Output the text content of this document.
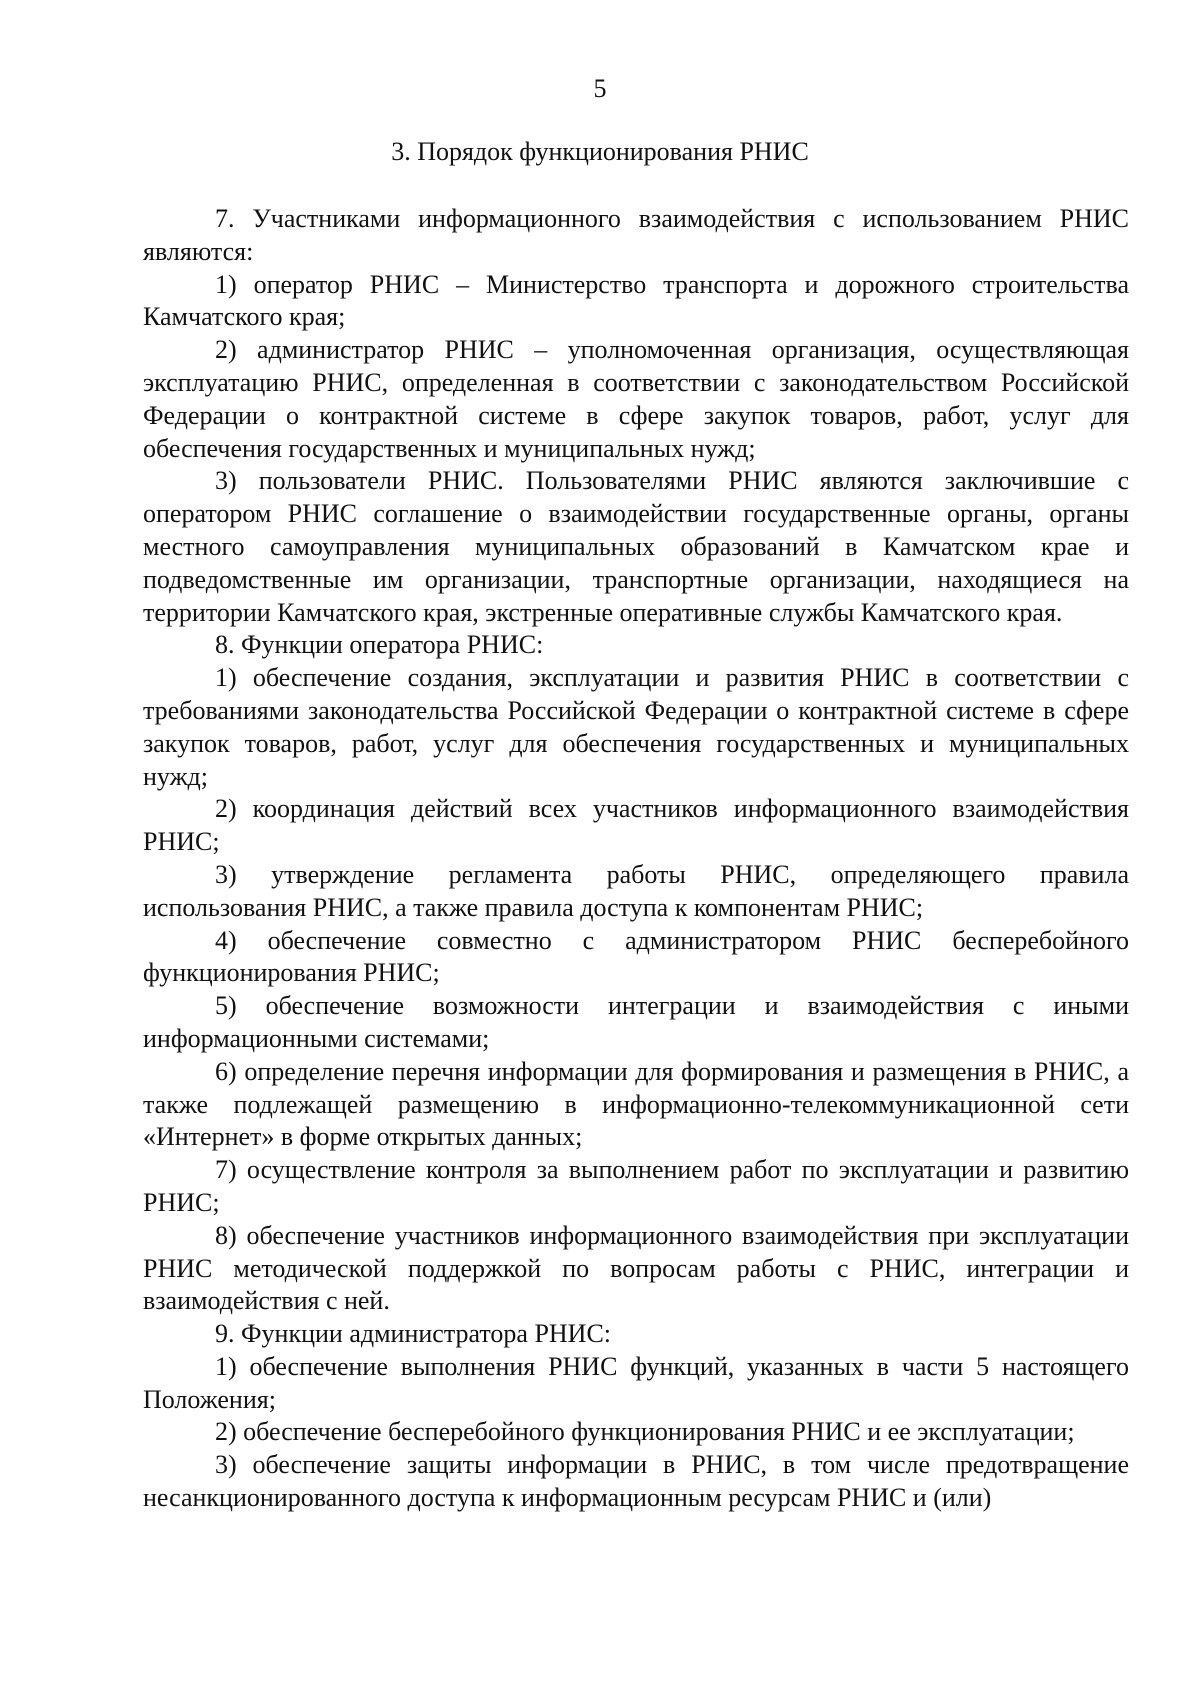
5

3. Порядок функционирования РНИС

7. Участниками информационного взаимодействия с использованием РНИС являются:

1) оператор РНИС – Министерство транспорта и дорожного строительства Камчатского края;

2) администратор РНИС – уполномоченная организация, осуществляющая эксплуатацию РНИС, определенная в соответствии с законодательством Российской Федерации о контрактной системе в сфере закупок товаров, работ, услуг для обеспечения государственных и муниципальных нужд;

3) пользователи РНИС. Пользователями РНИС являются заключившие с оператором РНИС соглашение о взаимодействии государственные органы, органы местного самоуправления муниципальных образований в Камчатском крае и подведомственные им организации, транспортные организации, находящиеся на территории Камчатского края, экстренные оперативные службы Камчатского края.

8. Функции оператора РНИС:

1) обеспечение создания, эксплуатации и развития РНИС в соответствии с требованиями законодательства Российской Федерации о контрактной системе в сфере закупок товаров, работ, услуг для обеспечения государственных и муниципальных нужд;

2) координация действий всех участников информационного взаимодействия РНИС;

3) утверждение регламента работы РНИС, определяющего правила использования РНИС, а также правила доступа к компонентам РНИС;

4) обеспечение совместно с администратором РНИС бесперебойного функционирования РНИС;

5) обеспечение возможности интеграции и взаимодействия с иными информационными системами;

6) определение перечня информации для формирования и размещения в РНИС, а также подлежащей размещению в информационно-телекоммуникационной сети «Интернет» в форме открытых данных;

7) осуществление контроля за выполнением работ по эксплуатации и развитию РНИС;

8) обеспечение участников информационного взаимодействия при эксплуатации РНИС методической поддержкой по вопросам работы с РНИС, интеграции и взаимодействия с ней.

9. Функции администратора РНИС:

1) обеспечение выполнения РНИС функций, указанных в части 5 настоящего Положения;

2) обеспечение бесперебойного функционирования РНИС и ее эксплуатации;

3) обеспечение защиты информации в РНИС, в том числе предотвращение несанкционированного доступа к информационным ресурсам РНИС и (или)
